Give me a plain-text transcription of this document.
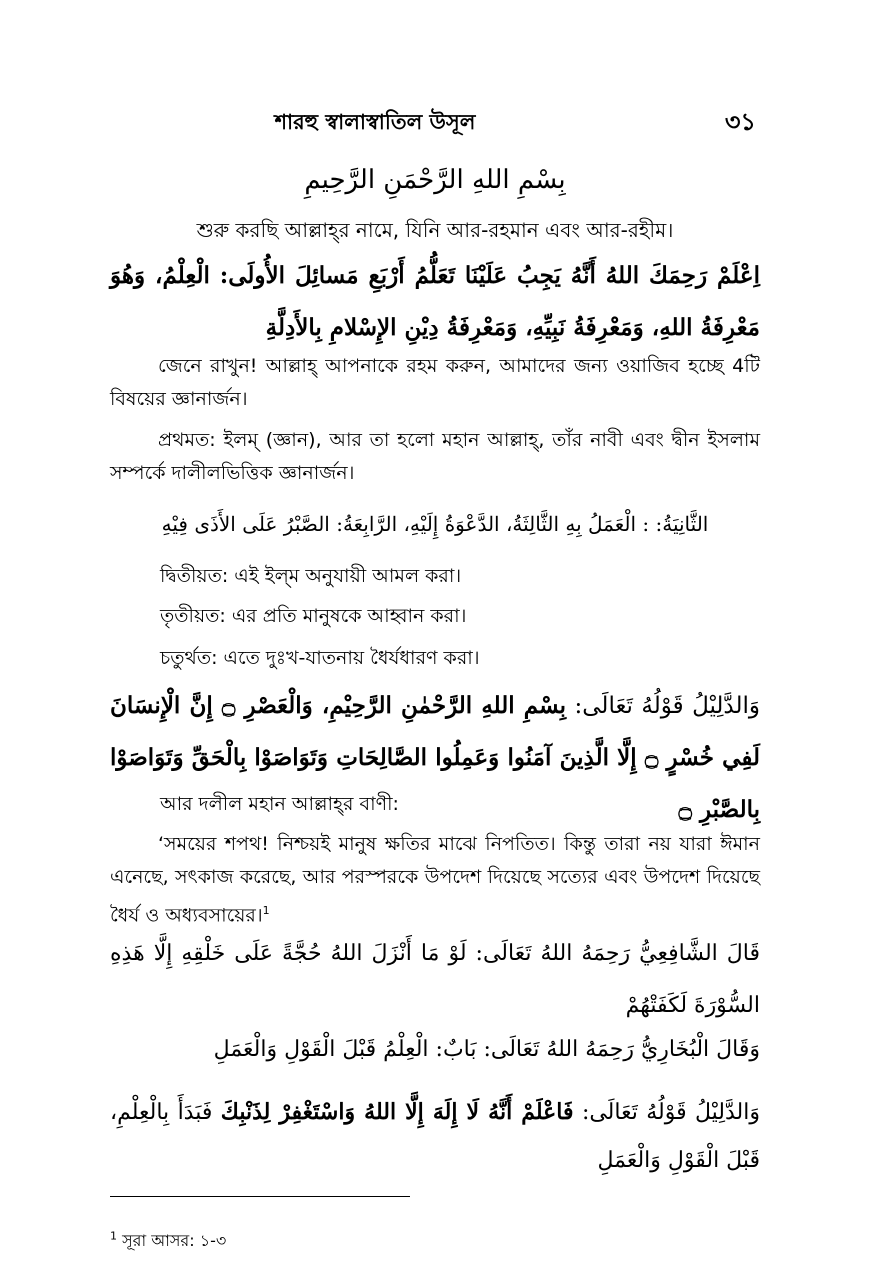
শারহু স্বালাস্বাতিল উসূল	৩১

بِسْمِ اللهِ الرَّحْمَنِ الرَّحِيمِ

শুরু করছি আল্লাহ্‌র নামে, যিনি আর-রহমান এবং আর-রহীম।

اِعْلَمْ رَحِمَكَ اللهُ أَنَّهُ يَجِبُ عَلَيْنَا تَعَلُّمُ أَرْبَعِ مَسائِلَ الأُولَى: الْعِلْمُ، وَهُوَ مَعْرِفَةُ اللهِ، وَمَعْرِفَةُ نَبِيِّهِ، وَمَعْرِفَةُ دِيْنِ الإِسْلامِ بِالأَدِلَّةِ

জেনে রাখুন! আল্লাহ্‌ আপনাকে রহম করুন, আমাদের জন্য ওয়াজিব হচ্ছে 4টি বিষয়ের জ্ঞানার্জন।

প্রথমত: ইলম্‌ (জ্ঞান), আর তা হলো মহান আল্লাহ্‌, তাঁর নাবী এবং দ্বীন ইসলাম সম্পর্কে দালীলভিত্তিক জ্ঞানার্জন।

الثَّانِيَةُ: : الْعَمَلُ بِهِ الثَّالِثَةُ، الدَّعْوَةُ إِلَيْهِ، الرَّابِعَةُ: الصَّبْرُ عَلَى الأَذَى فِيْهِ

দ্বিতীয়ত: এই ইল্‌ম অনুযায়ী আমল করা।

তৃতীয়ত: এর প্রতি মানুষকে আহ্বান করা।

চতুর্থত: এতে দুঃখ-যাতনায় ধৈর্যধারণ করা।

وَالدَّلِيْلُ قَوْلُهُ تَعَالَى: بِسْمِ اللهِ الرَّحْمٰنِ الرَّحِيْمِ، وَالْعَصْرِ ۝ إِنَّ الْإِنسَانَ لَفِي خُسْرٍ ۝ إِلَّا الَّذِينَ آمَنُوا وَعَمِلُوا الصَّالِحَاتِ وَتَوَاصَوْا بِالْحَقِّ وَتَوَاصَوْا بِالصَّبْرِ ۝

আর দলীল মহান আল্লাহ্‌র বাণী:

‘সময়ের শপথ! নিশ্চয়ই মানুষ ক্ষতির মাঝে নিপতিত। কিন্তু তারা নয় যারা ঈমান এনেছে, সৎকাজ করেছে, আর পরস্পরকে উপদেশ দিয়েছে সত্যের এবং উপদেশ দিয়েছে ধৈর্য ও অধ্যবসায়ের।$^1$

قَالَ الشَّافِعِيُّ رَحِمَهُ اللهُ تَعَالَى: لَوْ مَا أَنْزَلَ اللهُ حُجَّةً عَلَى خَلْقِهِ إِلَّا هَذِهِ السُّوْرَةَ لَكَفَتْهُمْ

وَقَالَ الْبُخَارِيُّ رَحِمَهُ اللهُ تَعَالَى: بَابٌ: الْعِلْمُ قَبْلَ الْقَوْلِ وَالْعَمَلِ

وَالدَّلِيْلُ قَوْلُهُ تَعَالَى: فَاعْلَمْ أَنَّهُ لَا إِلَهَ إِلَّا اللهُ وَاسْتَغْفِرْ لِذَنْبِكَ فَبَدَأَ بِالْعِلْمِ، قَبْلَ الْقَوْلِ وَالْعَمَلِ

$^1$ সূরা আসর: ১-৩
